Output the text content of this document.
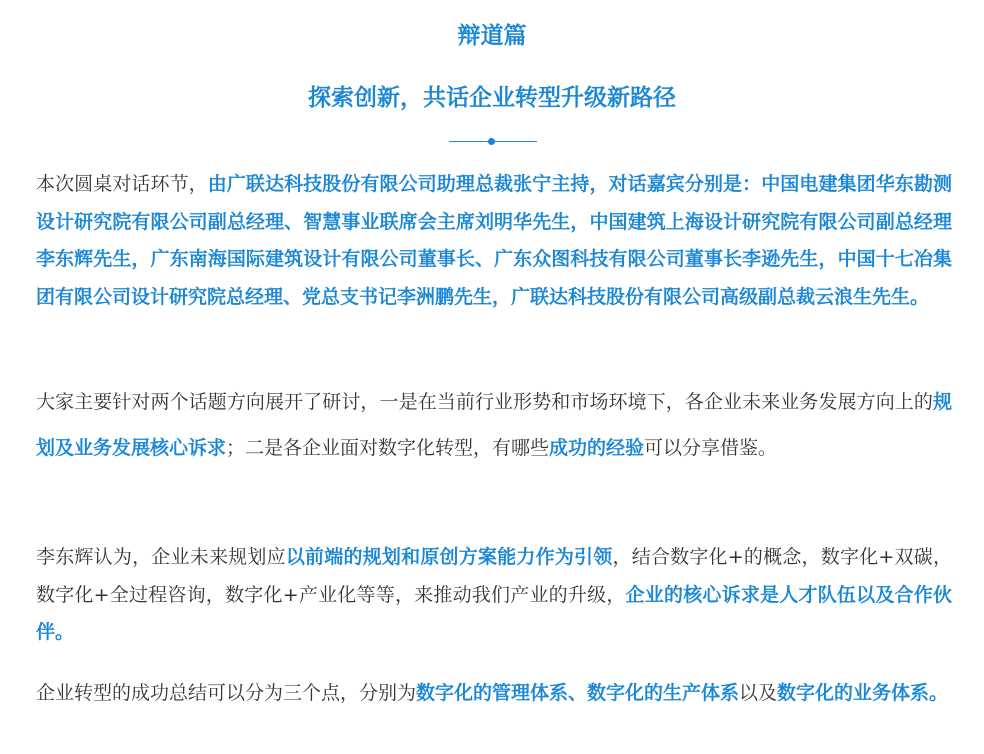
辩道篇
探索创新，共话企业转型升级新路径

本次圆桌对话环节，由广联达科技股份有限公司助理总裁张宁主持，对话嘉宾分别是：中国电建集团华东勘测设计研究院有限公司副总经理、智慧事业联席会主席刘明华先生，中国建筑上海设计研究院有限公司副总经理李东辉先生，广东南海国际建筑设计有限公司董事长、广东众图科技有限公司董事长李逊先生，中国十七冶集团有限公司设计研究院总经理、党总支书记李洲鹏先生，广联达科技股份有限公司高级副总裁云浪生先生。

大家主要针对两个话题方向展开了研讨，一是在当前行业形势和市场环境下，各企业未来业务发展方向上的规划及业务发展核心诉求；二是各企业面对数字化转型，有哪些成功的经验可以分享借鉴。

李东辉认为，企业未来规划应以前端的规划和原创方案能力作为引领，结合数字化+的概念，数字化+双碳，数字化+全过程咨询，数字化+产业化等等，来推动我们产业的升级，企业的核心诉求是人才队伍以及合作伙伴。

企业转型的成功总结可以分为三个点，分别为数字化的管理体系、数字化的生产体系以及数字化的业务体系。
